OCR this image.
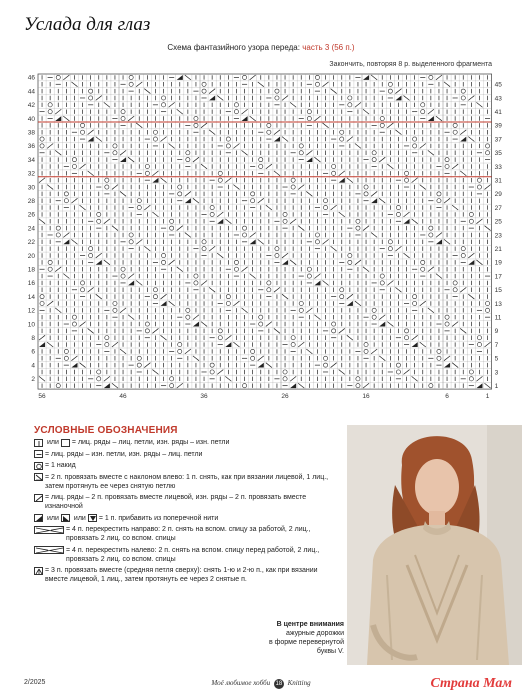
Услада для глаз
Схема фантазийного узора переда: часть 3 (56 п.)
Закончить, повторяя 8 р. выделенного фрагмента
46
44
42
40
38
36
34
32
30
28
26
24
22
20
18
16
14
12
10
8
6
4
2
45
43
41
39
37
35
33
31
29
27
25
23
21
19
17
15
13
11
9
7
5
3
1
56	46	36	26	16	6	1
УСЛОВНЫЕ ОБОЗНАЧЕНИЯ
или = лиц. ряды – лиц. петли, изн. ряды – изн. петли
= лиц. ряды – изн. петли, изн. ряды – лиц. петли
= 1 накид
= 2 п. провязать вместе с наклоном влево: 1 п. снять, как при вязании лицевой, 1 лиц., затем протянуть ее через снятую петлю
= лиц. ряды – 2 п. провязать вместе лицевой, изн. ряды – 2 п. провязать вместе изнаночной
или или = 1 п. прибавить из поперечной нити
= 4 п. перекрестить направо: 2 п. снять на вспом. спицу за работой, 2 лиц., провязать 2 лиц. со вспом. спицы
= 4 п. перекрестить налево: 2 п. снять на вспом. спицу перед работой, 2 лиц., провязать 2 лиц. со вспом. спицы
= 3 п. провязать вместе (средняя петля сверху): снять 1-ю и 2-ю п., как при вязании вместе лицевой, 1 лиц., затем протянуть ее через 2 снятые п.
В центре внимания
ажурные дорожки
в форме перевернутой
буквы V.
2/2025	Моё любимое хобби 18 Knitting	Страна Мам
